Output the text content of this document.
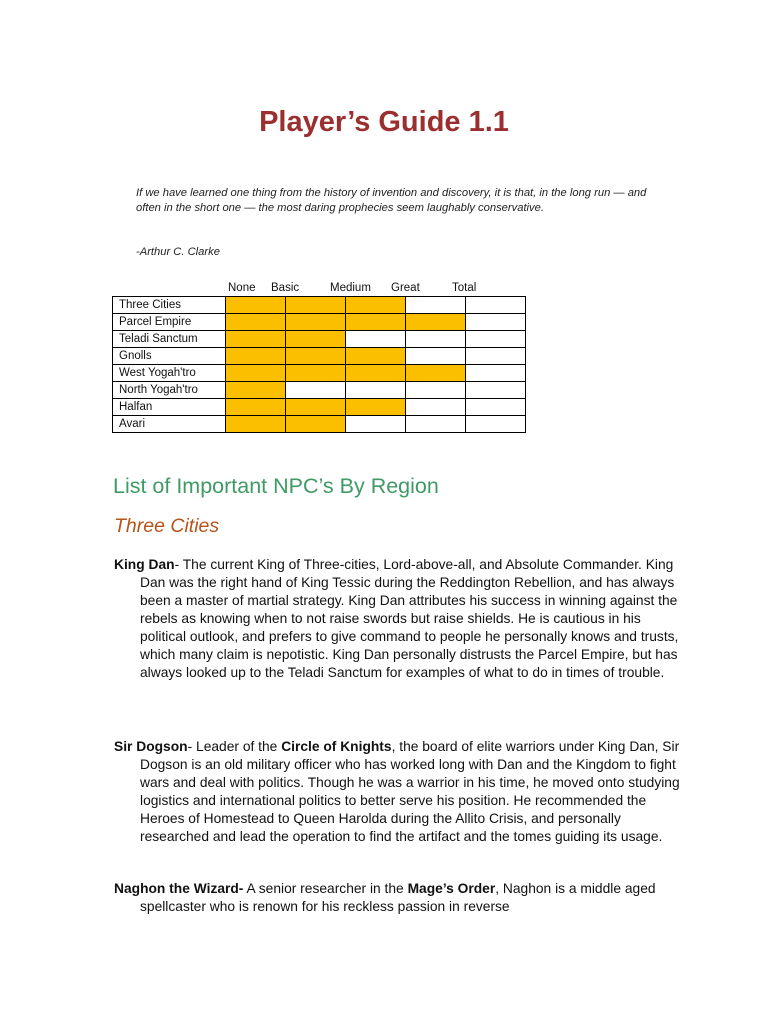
Player’s Guide 1.1
If we have learned one thing from the history of invention and discovery, it is that, in the long run — and often in the short one — the most daring prophecies seem laughably conservative.
-Arthur C. Clarke
None Basic	Medium Great	Total
Three Cities					
Parcel Empire					
Teladi Sanctum					
Gnolls					
West Yogah'tro					
North Yogah'tro					
Halfan					
Avari					
List of Important NPC’s By Region
Three Cities
King Dan- The current King of Three-cities, Lord-above-all, and Absolute Commander. King Dan was the right hand of King Tessic during the Reddington Rebellion, and has always been a master of martial strategy. King Dan attributes his success in winning against the rebels as knowing when to not raise swords but raise shields. He is cautious in his political outlook, and prefers to give command to people he personally knows and trusts, which many claim is nepotistic. King Dan personally distrusts the Parcel Empire, but has always looked up to the Teladi Sanctum for examples of what to do in times of trouble.
Sir Dogson- Leader of the Circle of Knights, the board of elite warriors under King Dan, Sir Dogson is an old military officer who has worked long with Dan and the Kingdom to fight wars and deal with politics. Though he was a warrior in his time, he moved onto studying logistics and international politics to better serve his position. He recommended the Heroes of Homestead to Queen Harolda during the Allito Crisis, and personally researched and lead the operation to find the artifact and the tomes guiding its usage.
Naghon the Wizard- A senior researcher in the Mage’s Order, Naghon is a middle aged spellcaster who is renown for his reckless passion in reverse
